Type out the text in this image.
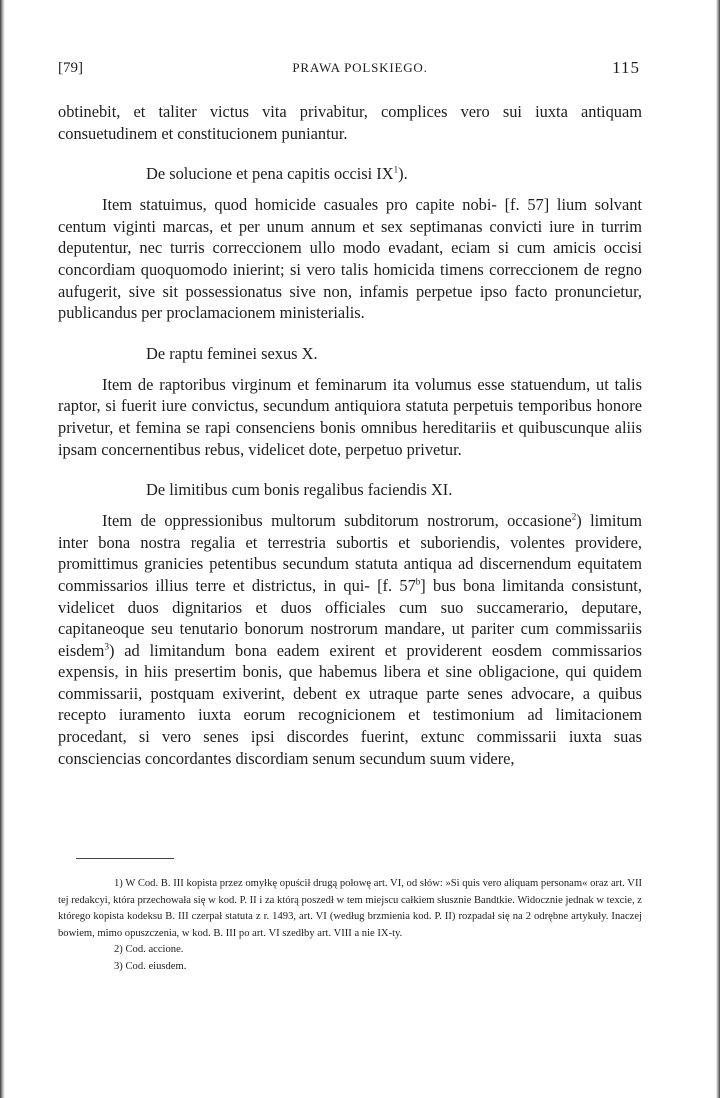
[79]	PRAWA POLSKIEGO.	115

obtinebit, et taliter victus vita privabitur, complices vero sui iuxta antiquam consuetudinem et constitucionem puniantur.

De solucione et pena capitis occisi $IX^1$).

Item statuimus, quod homicide casuales pro capite nobi- [f. 57] lium solvant centum viginti marcas, et per unum annum et sex septimanas convicti iure in turrim deputentur, nec turris correccionem ullo modo evadant, eciam si cum amicis occisi concordiam quoquomodo inierint; si vero talis homicida timens correccionem de regno aufugerit, sive sit possessionatus sive non, infamis perpetue ipso facto pronuncietur, publicandus per proclamacionem ministerialis.

De raptu feminei sexus X.

Item de raptoribus virginum et feminarum ita volumus esse statuendum, ut talis raptor, si fuerit iure convictus, secundum antiquiora statuta perpetuis temporibus honore privetur, et femina se rapi consenciens bonis omnibus hereditariis et quibuscunque aliis ipsam concernentibus rebus, videlicet dote, perpetuo privetur.

De limitibus cum bonis regalibus faciendis XI.

Item de oppressionibus multorum subditorum nostrorum, occasione$^2$) limitum inter bona nostra regalia et terrestria subortis et suboriendis, volentes providere, promittimus granicies petentibus secundum statuta antiqua ad discernendum equitatem commissarios illius terre et districtus, in qui- [f. 57$^b$] bus bona limitanda consistunt, videlicet duos dignitarios et duos officiales cum suo succamerario, deputare, capitaneoque seu tenutario bonorum nostrorum mandare, ut pariter cum commissariis eisdem$^3$) ad limitandum bona eadem exirent et providerent eosdem commissarios expensis, in hiis presertim bonis, que habemus libera et sine obligacione, qui quidem commissarii, postquam exiverint, debent ex utraque parte senes advocare, a quibus recepto iuramento iuxta eorum recognicionem et testimonium ad limitacionem procedant, si vero senes ipsi discordes fuerint, extunc commissarii iuxta suas consciencias concordantes discordiam senum secundum suum videre,

1) W Cod. B. III kopista przez omyłkę opuścił drugą połowę art. VI, od słów: »Si quis vero aliquam personam« oraz art. VII tej redakcyi, która przechowała się w kod. P. II i za którą poszedł w tem miejscu całkiem słusznie Bandtkie. Widocznie jednak w texcie, z którego kopista kodeksu B. III czerpał statuta z r. 1493, art. VI (według brzmienia kod. P. II) rozpadał się na 2 odrębne artykuły. Inaczej bowiem, mimo opuszczenia, w kod. B. III po art. VI szedłby art. VIII a nie IX-ty.

2) Cod. accione.

3) Cod. eiusdem.
